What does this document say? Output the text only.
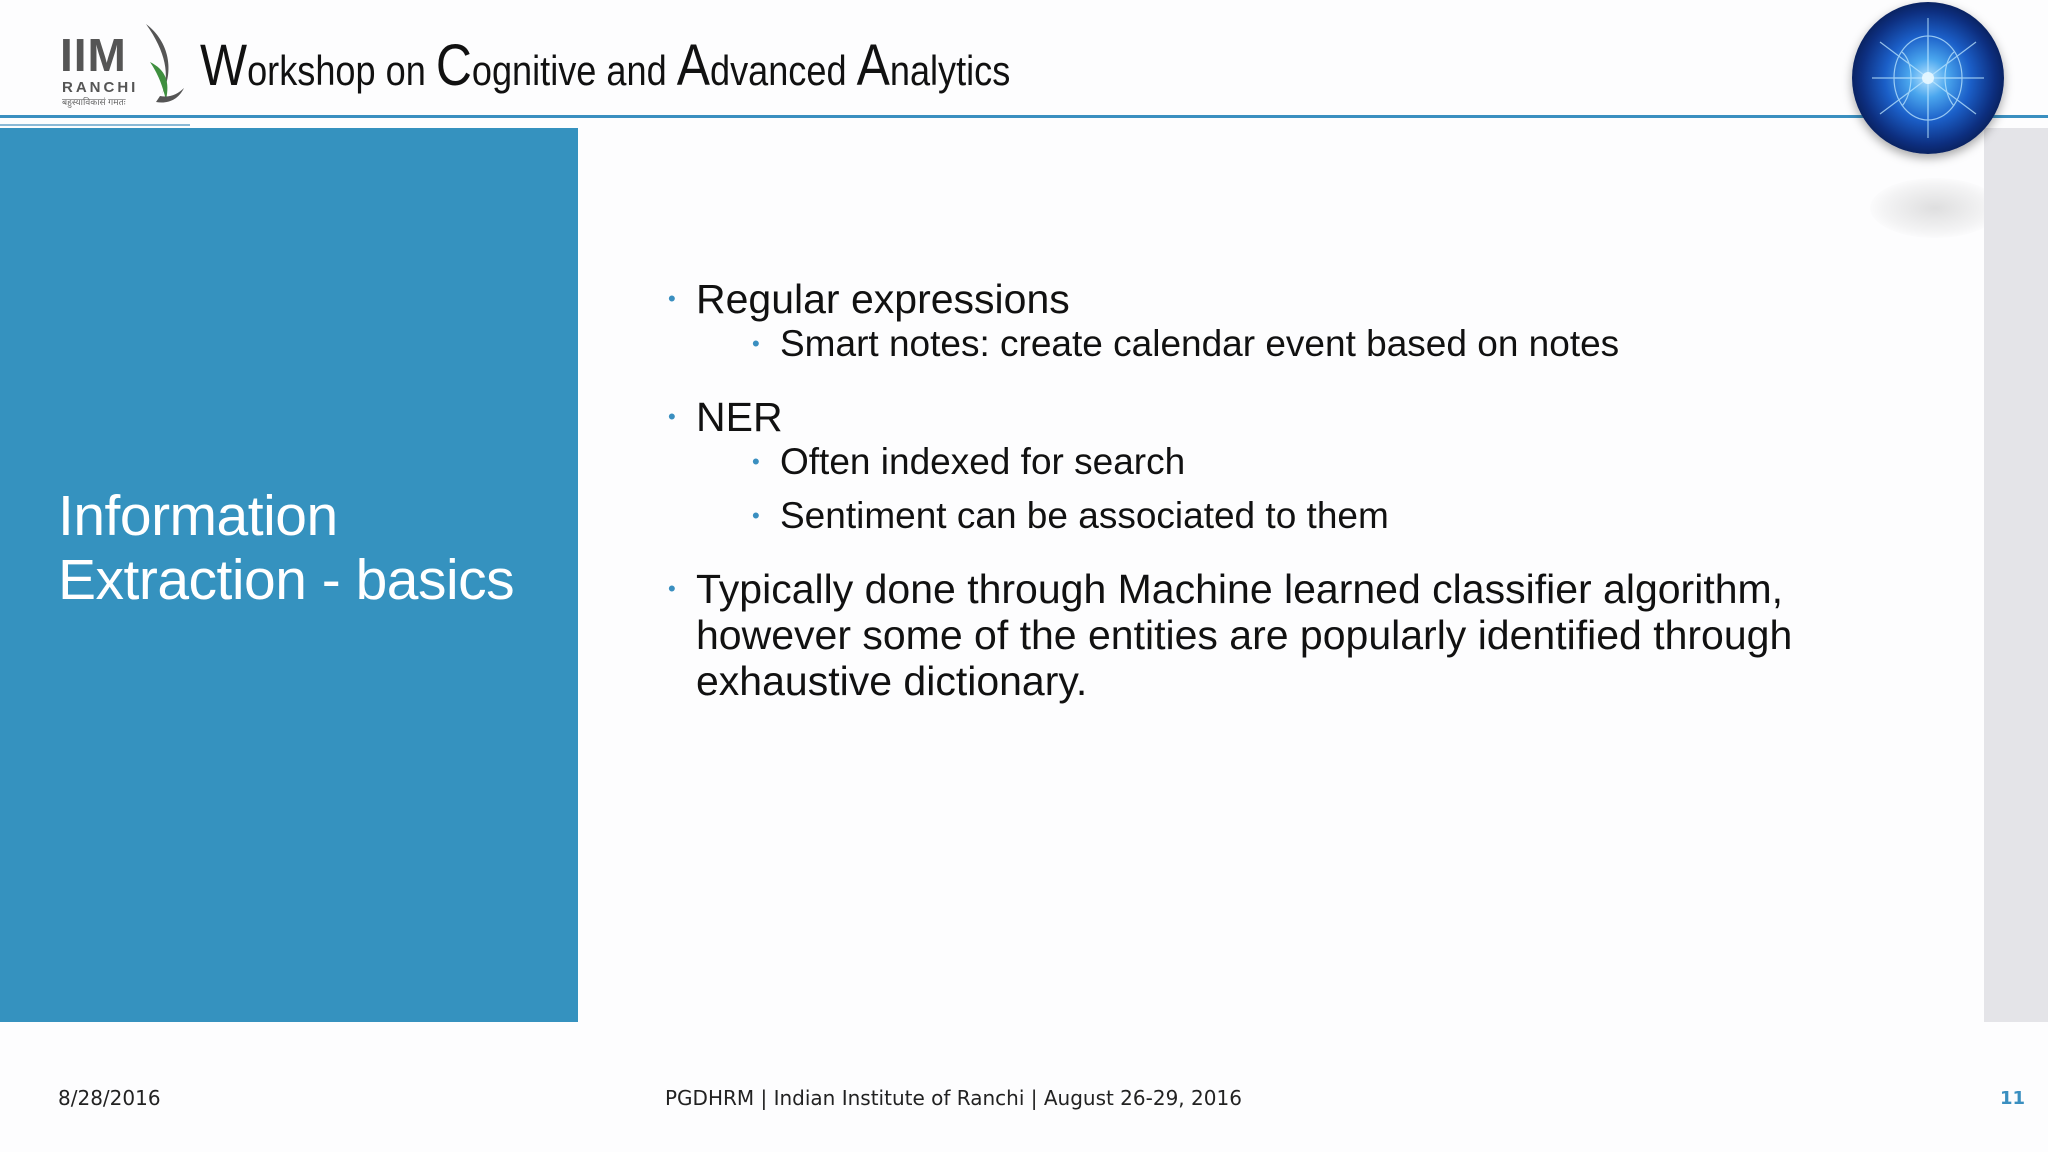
IIM
RANCHI
बहुस्याविकासं गमतः
Workshop on Cognitive and Advanced Analytics
Information
Extraction - basics
• Regular expressions
• Smart notes: create calendar event based on notes
• NER
• Often indexed for search
• Sentiment can be associated to them
• Typically done through Machine learned classifier algorithm,
however some of the entities are popularly identified through
exhaustive dictionary.
8/28/2016	PGDHRM | Indian Institute of Ranchi | August 26-29, 2016	11
